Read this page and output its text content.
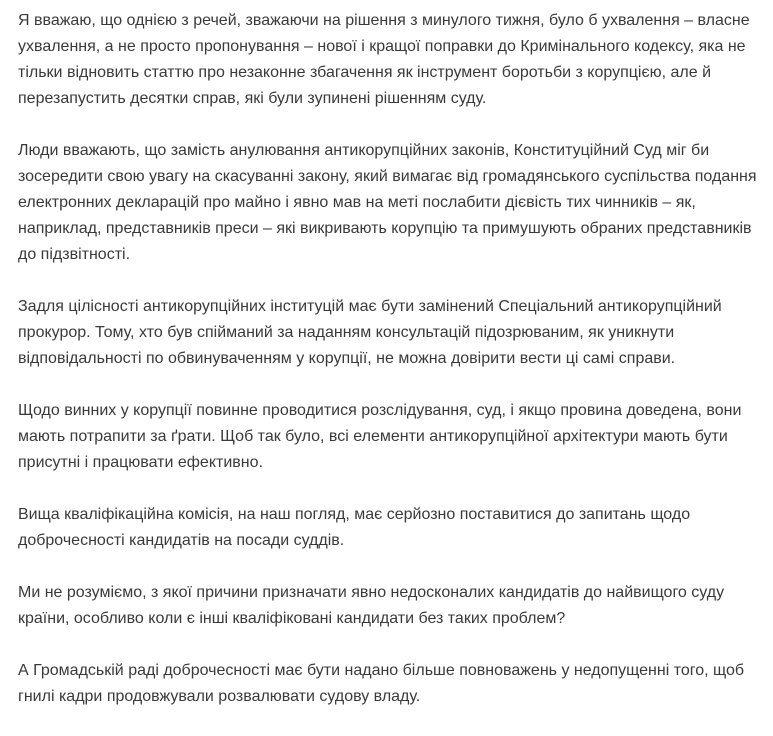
Я вважаю, що однією з речей, зважаючи на рішення з минулого тижня, було б ухвалення – власне ухвалення, а не просто пропонування – нової і кращої поправки до Кримінального кодексу, яка не тільки відновить статтю про незаконне збагачення як інструмент боротьби з корупцією, але й перезапустить десятки справ, які були зупинені рішенням суду.

Люди вважають, що замість анулювання антикорупційних законів, Конституційний Суд міг би зосередити свою увагу на скасуванні закону, який вимагає від громадянського суспільства подання електронних декларацій про майно і явно мав на меті послабити дієвість тих чинників – як, наприклад, представників преси – які викривають корупцію та примушують обраних представників до підзвітності.

Задля цілісності антикорупційних інституцій має бути замінений Спеціальний антикорупційний прокурор. Тому, хто був спійманий за наданням консультацій підозрюваним, як уникнути відповідальності по обвинуваченням у корупції, не можна довірити вести ці самі справи.

Щодо винних у корупції повинне проводитися розслідування, суд, і якщо провина доведена, вони мають потрапити за ґрати. Щоб так було, всі елементи антикорупційної архітектури мають бути присутні і працювати ефективно.

Вища кваліфікаційна комісія, на наш погляд, має серйозно поставитися до запитань щодо доброчесності кандидатів на посади суддів.

Ми не розуміємо, з якої причини призначати явно недосконалих кандидатів до найвищого суду країни, особливо коли є інші кваліфіковані кандидати без таких проблем?

А Громадській раді доброчесності має бути надано більше повноважень у недопущенні того, щоб гнилі кадри продовжували розвалювати судову владу.
